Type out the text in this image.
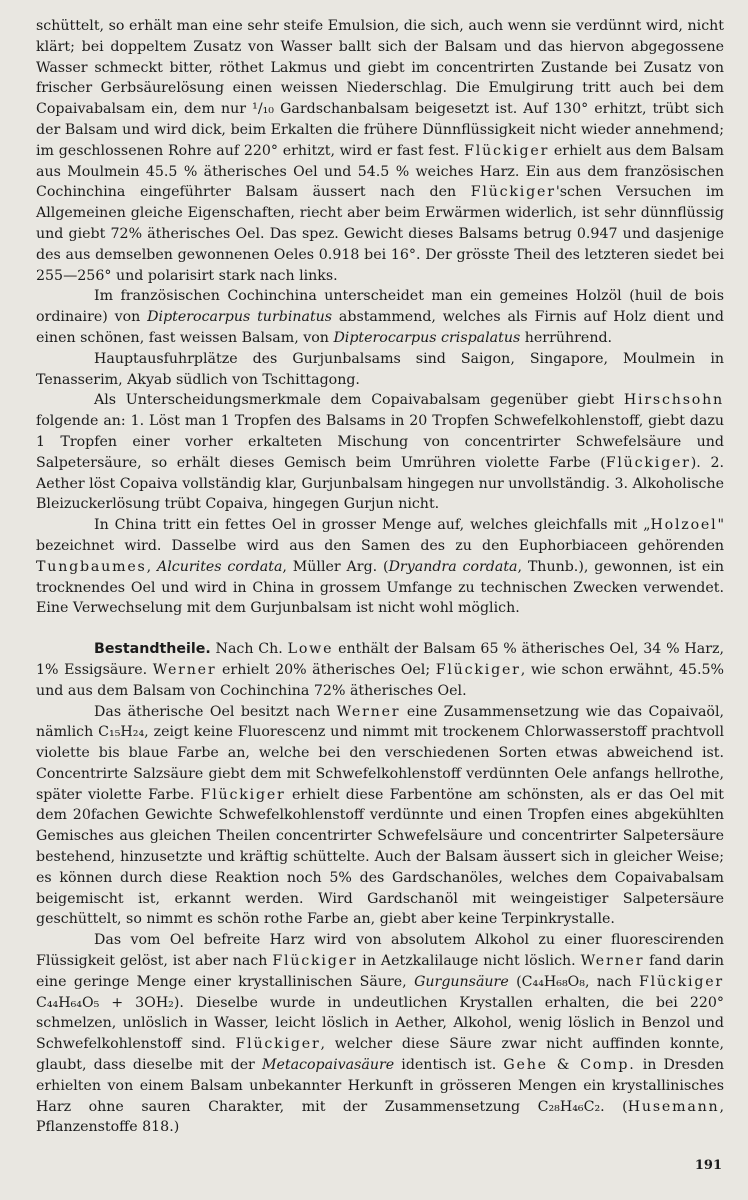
schüttelt, so erhält man eine sehr steife Emulsion, die sich, auch wenn sie verdünnt wird, nicht klärt; bei doppeltem Zusatz von Wasser ballt sich der Balsam und das hiervon abgegossene Wasser schmeckt bitter, röthet Lakmus und giebt im concentrirten Zustande bei Zusatz von frischer Gerbsäurelösung einen weissen Niederschlag. Die Emulgirung tritt auch bei dem Copaivabalsam ein, dem nur ¹/₁₀ Gardschanbalsam beigesetzt ist. Auf 130° erhitzt, trübt sich der Balsam und wird dick, beim Erkalten die frühere Dünnflüssigkeit nicht wieder annehmend; im geschlossenen Rohre auf 220° erhitzt, wird er fast fest. Flückiger erhielt aus dem Balsam aus Moulmein 45.5 % ätherisches Oel und 54.5 % weiches Harz. Ein aus dem französischen Cochinchina eingeführter Balsam äussert nach den Flückiger'schen Versuchen im Allgemeinen gleiche Eigenschaften, riecht aber beim Erwärmen widerlich, ist sehr dünnflüssig und giebt 72% ätherisches Oel. Das spez. Gewicht dieses Balsams betrug 0.947 und dasjenige des aus demselben gewonnenen Oeles 0.918 bei 16°. Der grösste Theil des letzteren siedet bei 255—256° und polarisirt stark nach links.

Im französischen Cochinchina unterscheidet man ein gemeines Holzöl (huil de bois ordinaire) von Dipterocarpus turbinatus abstammend, welches als Firnis auf Holz dient und einen schönen, fast weissen Balsam, von Dipterocarpus crispalatus herrührend.

Hauptausfuhrplätze des Gurjunbalsams sind Saigon, Singapore, Moulmein in Tenasserim, Akyab südlich von Tschittagong.

Als Unterscheidungsmerkmale dem Copaivabalsam gegenüber giebt Hirschsohn folgende an: 1. Löst man 1 Tropfen des Balsams in 20 Tropfen Schwefelkohlenstoff, giebt dazu 1 Tropfen einer vorher erkalteten Mischung von concentrirter Schwefelsäure und Salpetersäure, so erhält dieses Gemisch beim Umrühren violette Farbe (Flückiger). 2. Aether löst Copaiva vollständig klar, Gurjunbalsam hingegen nur unvollständig. 3. Alkoholische Bleizuckerlösung trübt Copaiva, hingegen Gurjun nicht.

In China tritt ein fettes Oel in grosser Menge auf, welches gleichfalls mit „Holzoel" bezeichnet wird. Dasselbe wird aus den Samen des zu den Euphorbiaceen gehörenden Tungbaumes, Alcurites cordata, Müller Arg. (Dryandra cordata, Thunb.), gewonnen, ist ein trocknendes Oel und wird in China in grossem Umfange zu technischen Zwecken verwendet. Eine Verwechselung mit dem Gurjunbalsam ist nicht wohl möglich.

Bestandtheile. Nach Ch. Lowe enthält der Balsam 65 % ätherisches Oel, 34 % Harz, 1% Essigsäure. Werner erhielt 20% ätherisches Oel; Flückiger, wie schon erwähnt, 45.5% und aus dem Balsam von Cochinchina 72% ätherisches Oel.

Das ätherische Oel besitzt nach Werner eine Zusammensetzung wie das Copaivaöl, nämlich C₁₅H₂₄, zeigt keine Fluorescenz und nimmt mit trockenem Chlorwasserstoff prachtvoll violette bis blaue Farbe an, welche bei den verschiedenen Sorten etwas abweichend ist. Concentrirte Salzsäure giebt dem mit Schwefelkohlenstoff verdünnten Oele anfangs hellrothe, später violette Farbe. Flückiger erhielt diese Farbentöne am schönsten, als er das Oel mit dem 20fachen Gewichte Schwefelkohlenstoff verdünnte und einen Tropfen eines abgekühlten Gemisches aus gleichen Theilen concentrirter Schwefelsäure und concentrirter Salpetersäure bestehend, hinzusetzte und kräftig schüttelte. Auch der Balsam äussert sich in gleicher Weise; es können durch diese Reaktion noch 5% des Gardschanöles, welches dem Copaivabalsam beigemischt ist, erkannt werden. Wird Gardschanöl mit weingeistiger Salpetersäure geschüttelt, so nimmt es schön rothe Farbe an, giebt aber keine Terpinkrystalle.

Das vom Oel befreite Harz wird von absolutem Alkohol zu einer fluorescirenden Flüssigkeit gelöst, ist aber nach Flückiger in Aetzkalilauge nicht löslich. Werner fand darin eine geringe Menge einer krystallinischen Säure, Gurgunsäure (C₄₄H₆₈O₈, nach Flückiger C₄₄H₆₄O₅ + 3OH₂). Dieselbe wurde in undeutlichen Krystallen erhalten, die bei 220° schmelzen, unlöslich in Wasser, leicht löslich in Aether, Alkohol, wenig löslich in Benzol und Schwefelkohlenstoff sind. Flückiger, welcher diese Säure zwar nicht auffinden konnte, glaubt, dass dieselbe mit der Metacopaivasäure identisch ist. Gehe & Comp. in Dresden erhielten von einem Balsam unbekannter Herkunft in grösseren Mengen ein krystallinisches Harz ohne sauren Charakter, mit der Zusammensetzung C₂₈H₄₆C₂. (Husemann, Pflanzenstoffe 818.)

191
